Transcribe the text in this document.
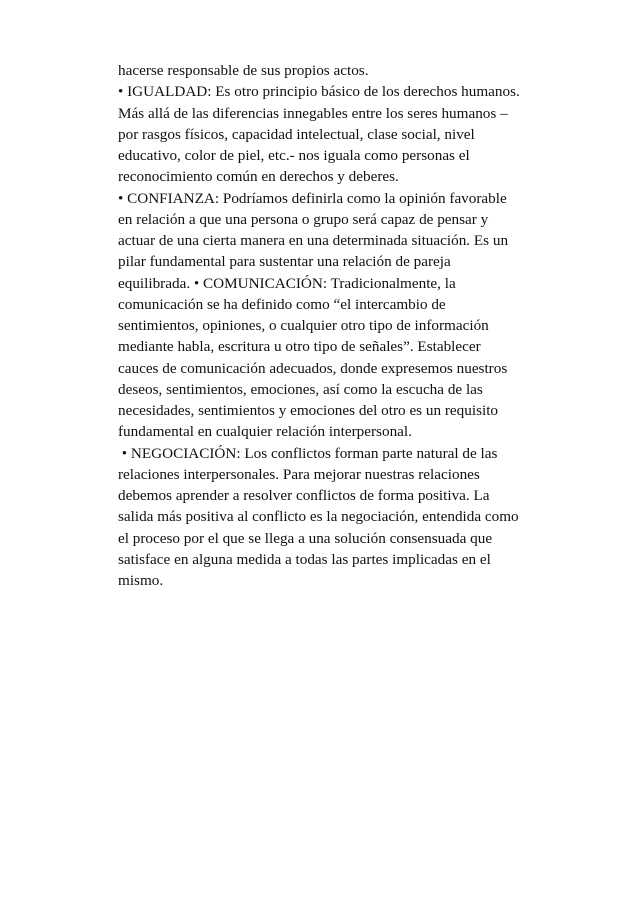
hacerse responsable de sus propios actos.
• IGUALDAD: Es otro principio básico de los derechos humanos.
Más allá de las diferencias innegables entre los seres humanos –
por rasgos físicos, capacidad intelectual, clase social, nivel
educativo, color de piel, etc.- nos iguala como personas el
reconocimiento común en derechos y deberes.
• CONFIANZA: Podríamos definirla como la opinión favorable
en relación a que una persona o grupo será capaz de pensar y
actuar de una cierta manera en una determinada situación. Es un
pilar fundamental para sustentar una relación de pareja
equilibrada. • COMUNICACIÓN: Tradicionalmente, la
comunicación se ha definido como “el intercambio de
sentimientos, opiniones, o cualquier otro tipo de información
mediante habla, escritura u otro tipo de señales”. Establecer
cauces de comunicación adecuados, donde expresemos nuestros
deseos, sentimientos, emociones, así como la escucha de las
necesidades, sentimientos y emociones del otro es un requisito
fundamental en cualquier relación interpersonal.
• NEGOCIACIÓN: Los conflictos forman parte natural de las
relaciones interpersonales. Para mejorar nuestras relaciones
debemos aprender a resolver conflictos de forma positiva. La
salida más positiva al conflicto es la negociación, entendida como
el proceso por el que se llega a una solución consensuada que
satisface en alguna medida a todas las partes implicadas en el
mismo.
